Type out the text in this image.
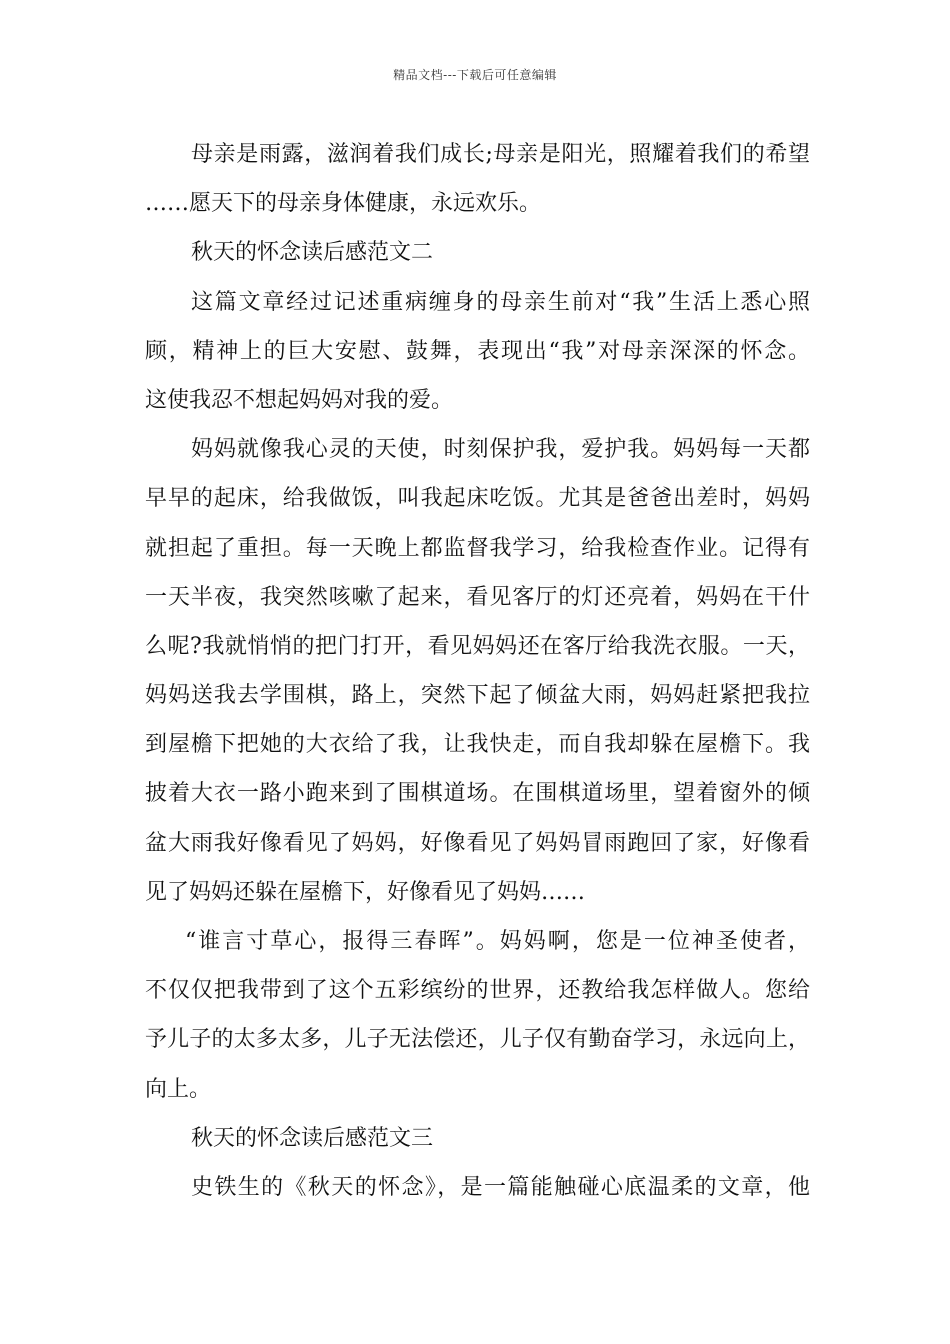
精品文档---下载后可任意编辑
母亲是雨露，滋润着我们成长;母亲是阳光，照耀着我们的希望
……愿天下的母亲身体健康，永远欢乐。
秋天的怀念读后感范文二
这篇文章经过记述重病缠身的母亲生前对“我”生活上悉心照
顾，精神上的巨大安慰、鼓舞，表现出“我”对母亲深深的怀念。
这使我忍不想起妈妈对我的爱。
妈妈就像我心灵的天使，时刻保护我，爱护我。妈妈每一天都
早早的起床，给我做饭，叫我起床吃饭。尤其是爸爸出差时，妈妈
就担起了重担。每一天晚上都监督我学习，给我检查作业。记得有
一天半夜，我突然咳嗽了起来，看见客厅的灯还亮着，妈妈在干什
么呢?我就悄悄的把门打开，看见妈妈还在客厅给我洗衣服。一天，
妈妈送我去学围棋，路上，突然下起了倾盆大雨，妈妈赶紧把我拉
到屋檐下把她的大衣给了我，让我快走，而自我却躲在屋檐下。我
披着大衣一路小跑来到了围棋道场。在围棋道场里，望着窗外的倾
盆大雨我好像看见了妈妈，好像看见了妈妈冒雨跑回了家，好像看
见了妈妈还躲在屋檐下，好像看见了妈妈……
“谁言寸草心，报得三春晖”。妈妈啊，您是一位神圣使者，
不仅仅把我带到了这个五彩缤纷的世界，还教给我怎样做人。您给
予儿子的太多太多，儿子无法偿还，儿子仅有勤奋学习，永远向上，
向上。
秋天的怀念读后感范文三
史铁生的《秋天的怀念》，是一篇能触碰心底温柔的文章，他
